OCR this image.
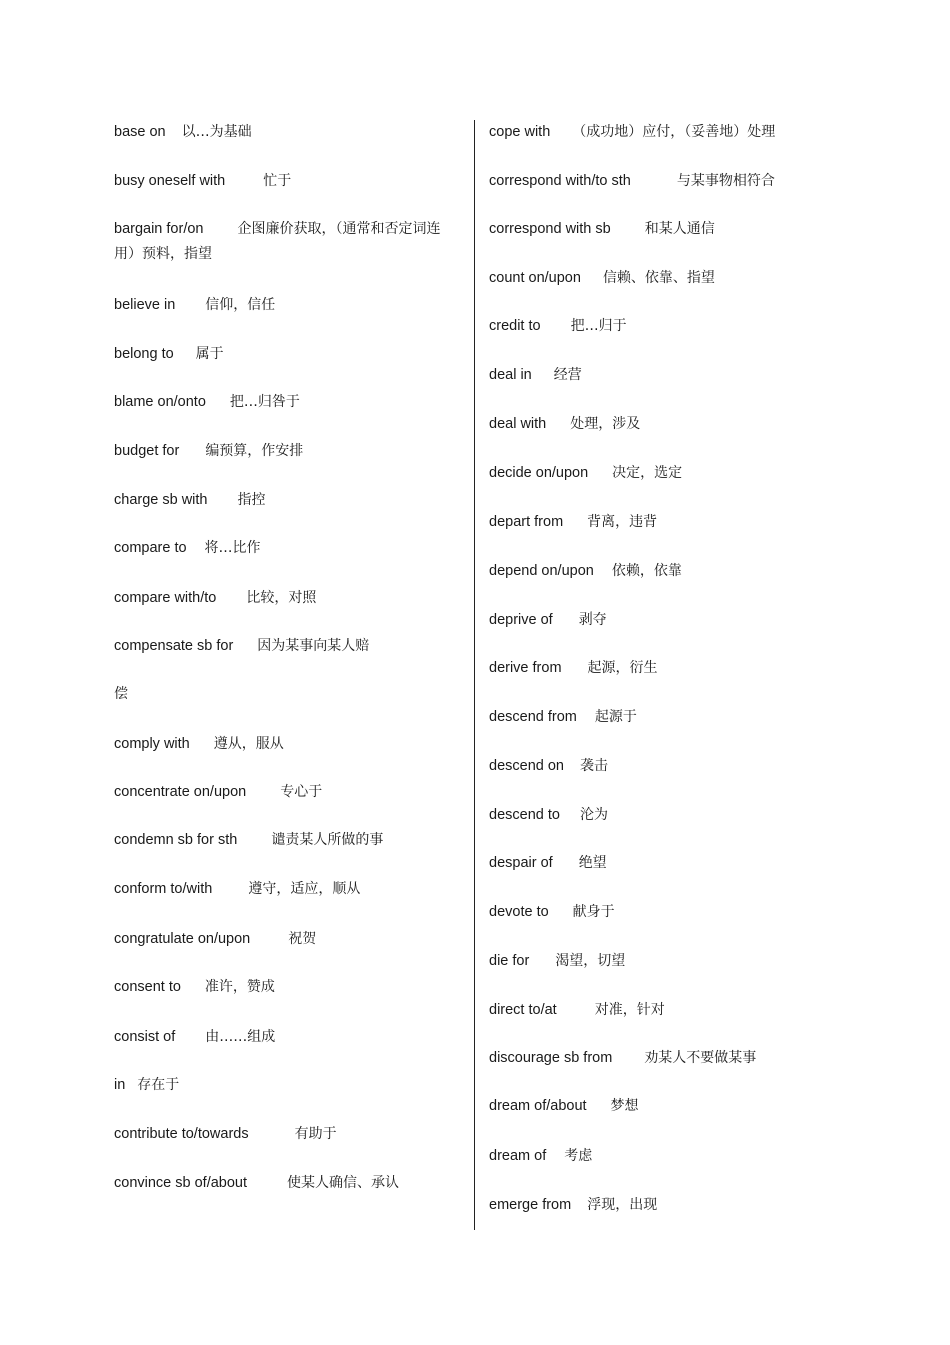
base on 以…为基础
busy oneself with	忙于
bargain for/on 企图廉价获取，（通常和否定词连用）预料，指望
believe in 信仰，信任
belong to 属于
blame on/onto 把…归咎于
budget for 编预算，作安排
charge sb with 指控
compare to 将…比作
compare with/to 比较，对照
compensate sb for 因为某事向某人赔
偿
comply with 遵从，服从
concentrate on/upon 专心于
condemn sb for sth 谴责某人所做的事
conform to/with	遵守，适应，顺从
congratulate on/upon	祝贺
consent to 准许，赞成
consist of 由……组成
in 存在于
contribute to/towards	有助于
convince sb of/about	使某人确信、承认
cope with （成功地）应付，（妥善地）处理
correspond with/to sth	与某事物相符合
correspond with sb 和某人通信
count on/upon 信赖、依靠、指望
credit to 把…归于
deal in 经营
deal with 处理，涉及
decide on/upon 决定，选定
depart from 背离，违背
depend on/upon 依赖，依靠
deprive of 剥夺
derive from 起源，衍生
descend from 起源于
descend on 袭击
descend to 沦为
despair of 绝望
devote to 献身于
die for 渴望，切望
direct to/at	对准，针对
discourage sb from 劝某人不要做某事
dream of/about 梦想
dream of 考虑
emerge from 浮现，出现
